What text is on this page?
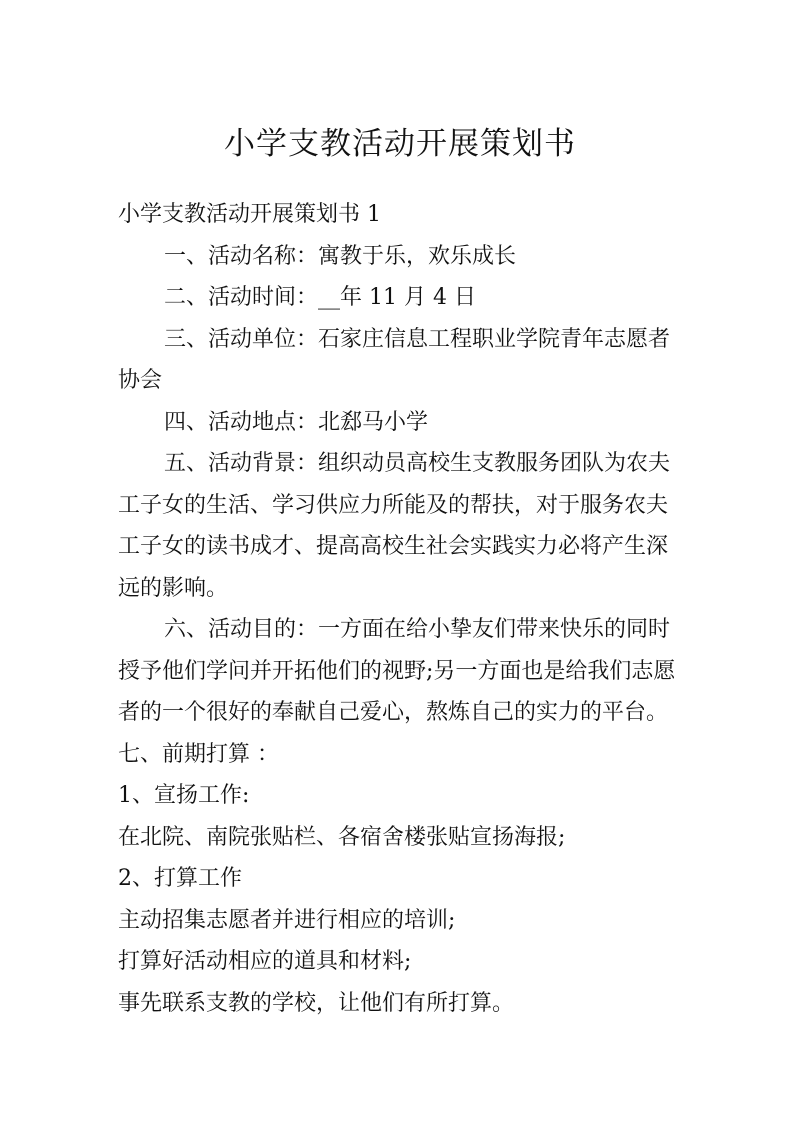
小学支教活动开展策划书

小学支教活动开展策划书 1

一、活动名称：寓教于乐，欢乐成长

二、活动时间：__年 11 月 4 日

三、活动单位：石家庄信息工程职业学院青年志愿者协会

四、活动地点：北郄马小学

五、活动背景：组织动员高校生支教服务团队为农夫工子女的生活、学习供应力所能及的帮扶，对于服务农夫工子女的读书成才、提高高校生社会实践实力必将产生深远的影响。

六、活动目的：一方面在给小挚友们带来快乐的同时授予他们学问并开拓他们的视野;另一方面也是给我们志愿者的一个很好的奉献自己爱心，熬炼自己的实力的平台。

七、前期打算 ：

1、宣扬工作:

在北院、南院张贴栏、各宿舍楼张贴宣扬海报;

2、打算工作

主动招集志愿者并进行相应的培训;

打算好活动相应的道具和材料;

事先联系支教的学校，让他们有所打算。
